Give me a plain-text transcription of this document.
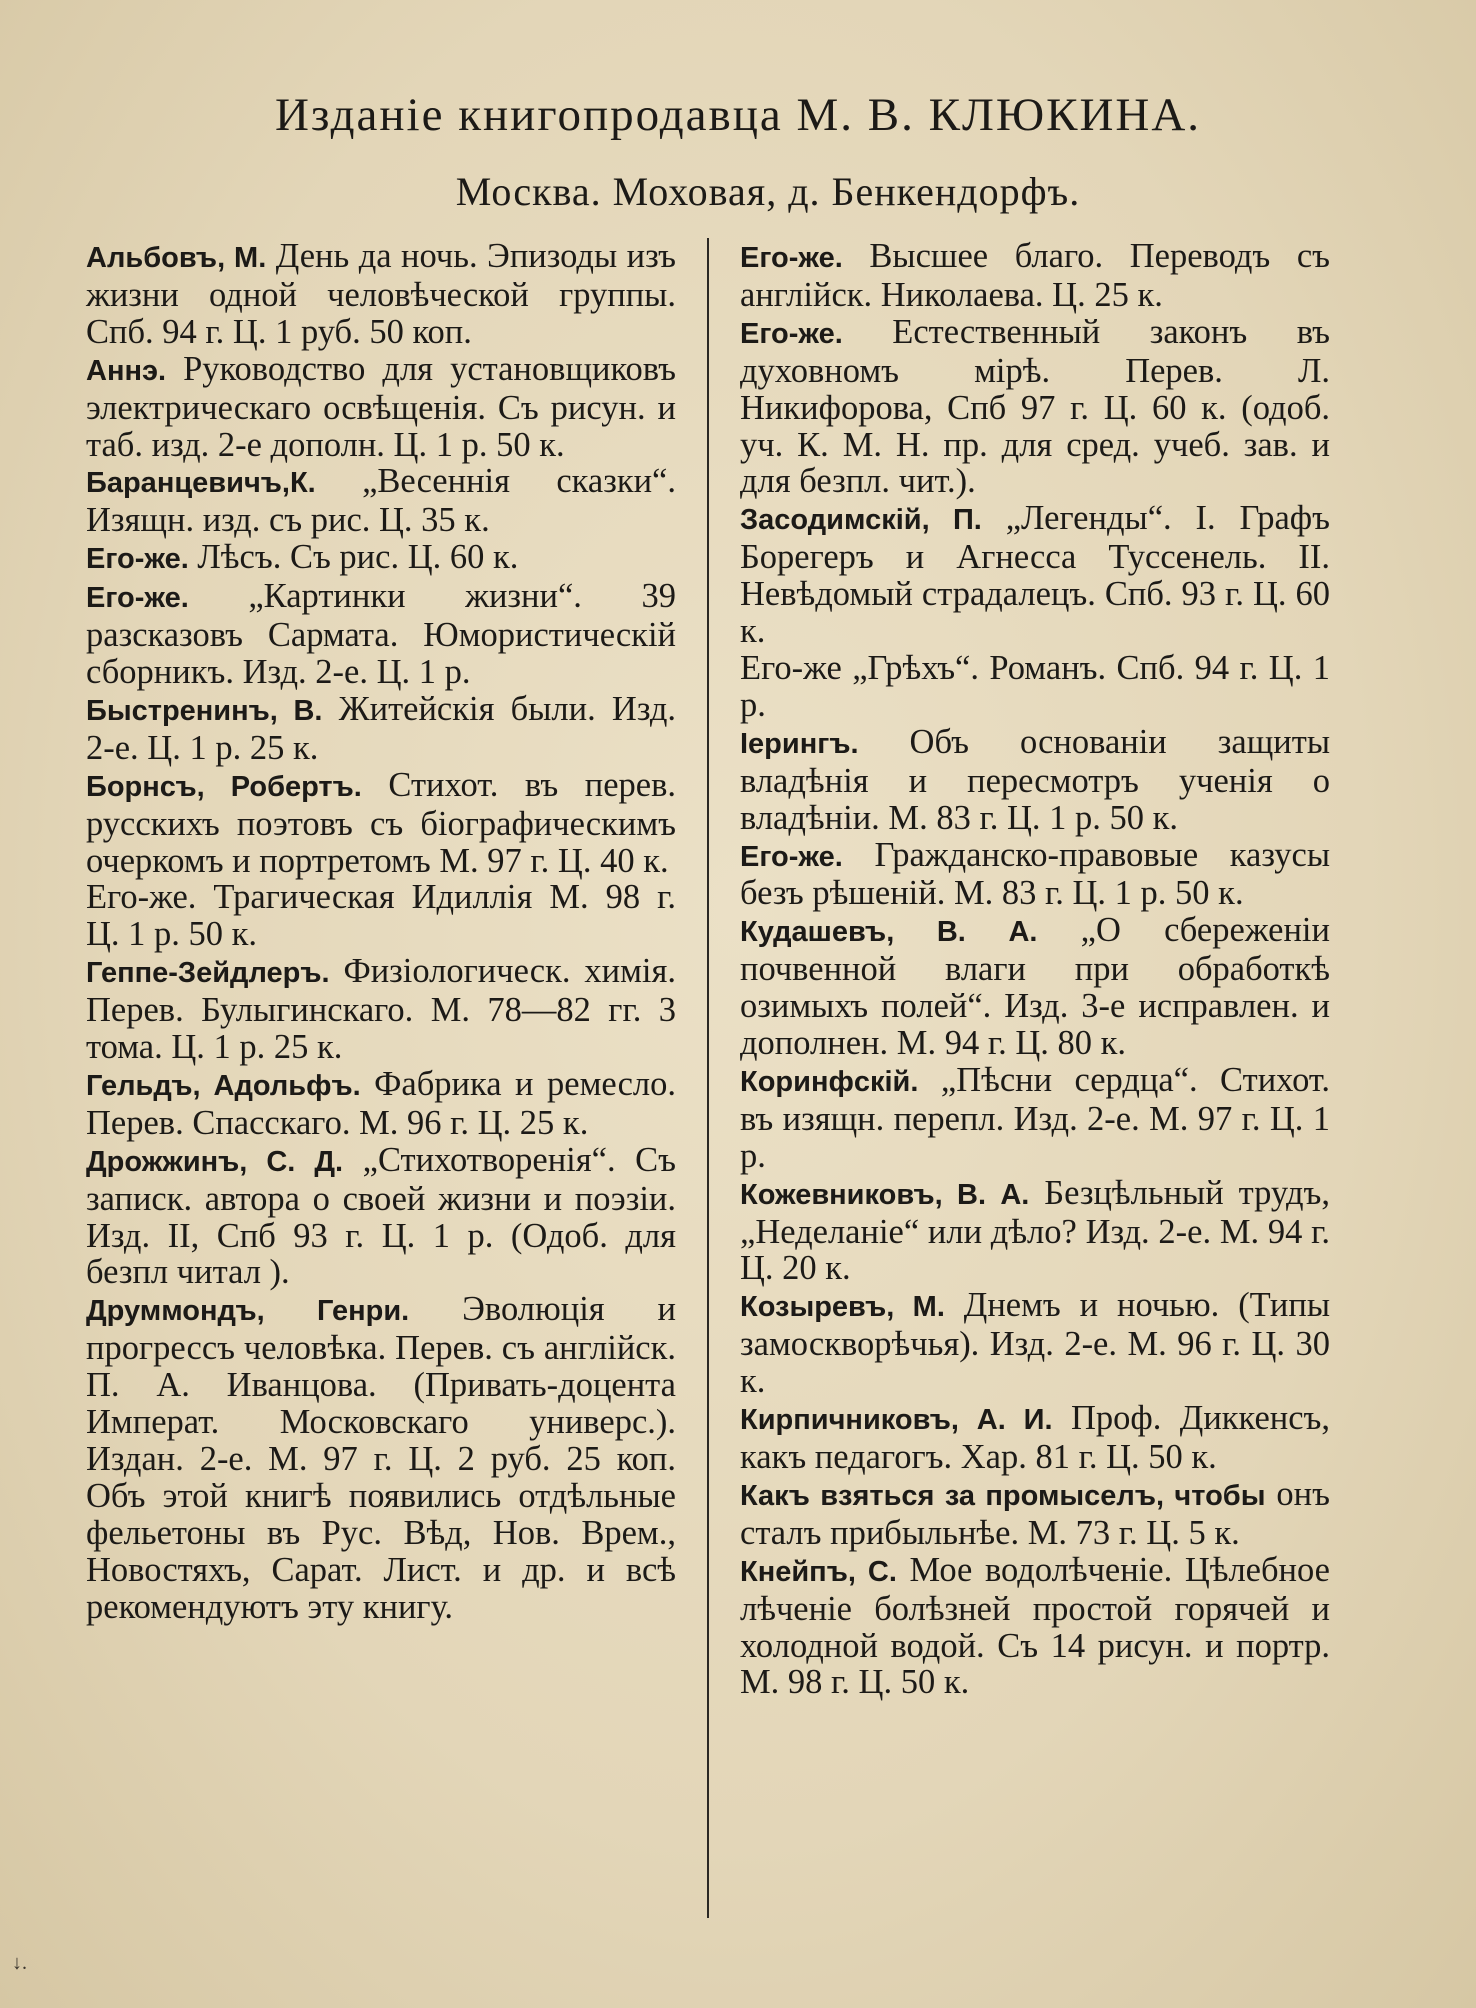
Изданіе книгопродавца М. В. КЛЮКИНА.
Москва. Моховая, д. Бенкендорфъ.

Альбовъ, М. День да ночь. Эпизоды изъ жизни одной человѣческой группы. Спб. 94 г. Ц. 1 руб. 50 коп.

Аннэ. Руководство для установщиковъ электрическаго освѣщенія. Съ рисун. и таб. изд. 2-е дополн. Ц. 1 р. 50 к.

Баранцевичъ,К. „Весеннія сказки“. Изящн. изд. съ рис. Ц. 35 к.

Его-же. Лѣсъ. Съ рис. Ц. 60 к.

Его-же. „Картинки жизни“. 39 разсказовъ Сармата. Юмористическій сборникъ. Изд. 2-е. Ц. 1 р.

Быстренинъ, В. Житейскія были. Изд. 2-е. Ц. 1 р. 25 к.

Борнсъ, Робертъ. Стихот. въ перев. русскихъ поэтовъ съ біографическимъ очеркомъ и портретомъ М. 97 г. Ц. 40 к.

Его-же. Трагическая Идиллія М. 98 г. Ц. 1 р. 50 к.

Геппе-Зейдлеръ. Физіологическ. химія. Перев. Булыгинскаго. М. 78—82 гг. 3 тома. Ц. 1 р. 25 к.

Гельдъ, Адольфъ. Фабрика и ремесло. Перев. Спасскаго. М. 96 г. Ц. 25 к.

Дрожжинъ, С. Д. „Стихотворенія“. Съ запиcк. автора о своей жизни и поэзіи. Изд. II, Спб 93 г. Ц. 1 р. (Одоб. для безпл читал ).

Друммондъ, Генри. Эволюція и прогрессъ человѣка. Перев. съ англійск. П. А. Иванцова. (Привать-доцента Императ. Московскаго универс.). Издан. 2-е. М. 97 г. Ц. 2 руб. 25 коп. Объ этой книгѣ появились отдѣльные фельетоны въ Рус. Вѣд, Нов. Врем., Новостяхъ, Сарат. Лист. и др. и всѣ рекомендуютъ эту книгу.

Его-же. Высшее благо. Переводъ съ англійск. Николаева. Ц. 25 к.

Его-же. Естественный законъ въ духовномъ мірѣ. Перев. Л. Никифорова, Спб 97 г. Ц. 60 к. (одоб. уч. К. М. Н. пр. для сред. учеб. зав. и для безпл. чит.).

Засодимскій, П. „Легенды“. I. Графъ Борегеръ и Агнесса Тусcенель. II. Невѣдомый страдалецъ. Спб. 93 г. Ц. 60 к.

Его-же „Грѣхъ“. Романъ. Спб. 94 г. Ц. 1 р.

Іерингъ. Объ основаніи защиты владѣнія и пересмотръ ученія о владѣніи. М. 83 г. Ц. 1 р. 50 к.

Его-же. Гражданско-правовые казусы безъ рѣшеній. М. 83 г. Ц. 1 р. 50 к.

Кудашевъ, В. А. „О сбереженіи почвенной влаги при обработкѣ озимыхъ полей“. Изд. 3-е исправлен. и дополнен. М. 94 г. Ц. 80 к.

Коринфскій. „Пѣсни сердца“. Стихот. въ изящн. перепл. Изд. 2-е. М. 97 г. Ц. 1 р.

Кожевниковъ, В. А. Безцѣльный трудъ, „Неделаніе“ или дѣло? Изд. 2-е. М. 94 г. Ц. 20 к.

Козыревъ, М. Днемъ и ночью. (Типы замоскворѣчья). Изд. 2-е. М. 96 г. Ц. 30 к.

Кирпичниковъ, А. И. Проф. Диккенсъ, какъ педагогъ. Хар. 81 г. Ц. 50 к.

Какъ взяться за промыселъ, чтобы онъ сталъ прибыльнѣе. М. 73 г. Ц. 5 к.

Кнейпъ, С. Мое водолѣченіе. Цѣлебное лѣченіе болѣзней простой горячей и холодной водой. Съ 14 рисун. и портр. М. 98 г. Ц. 50 к.

↓.
